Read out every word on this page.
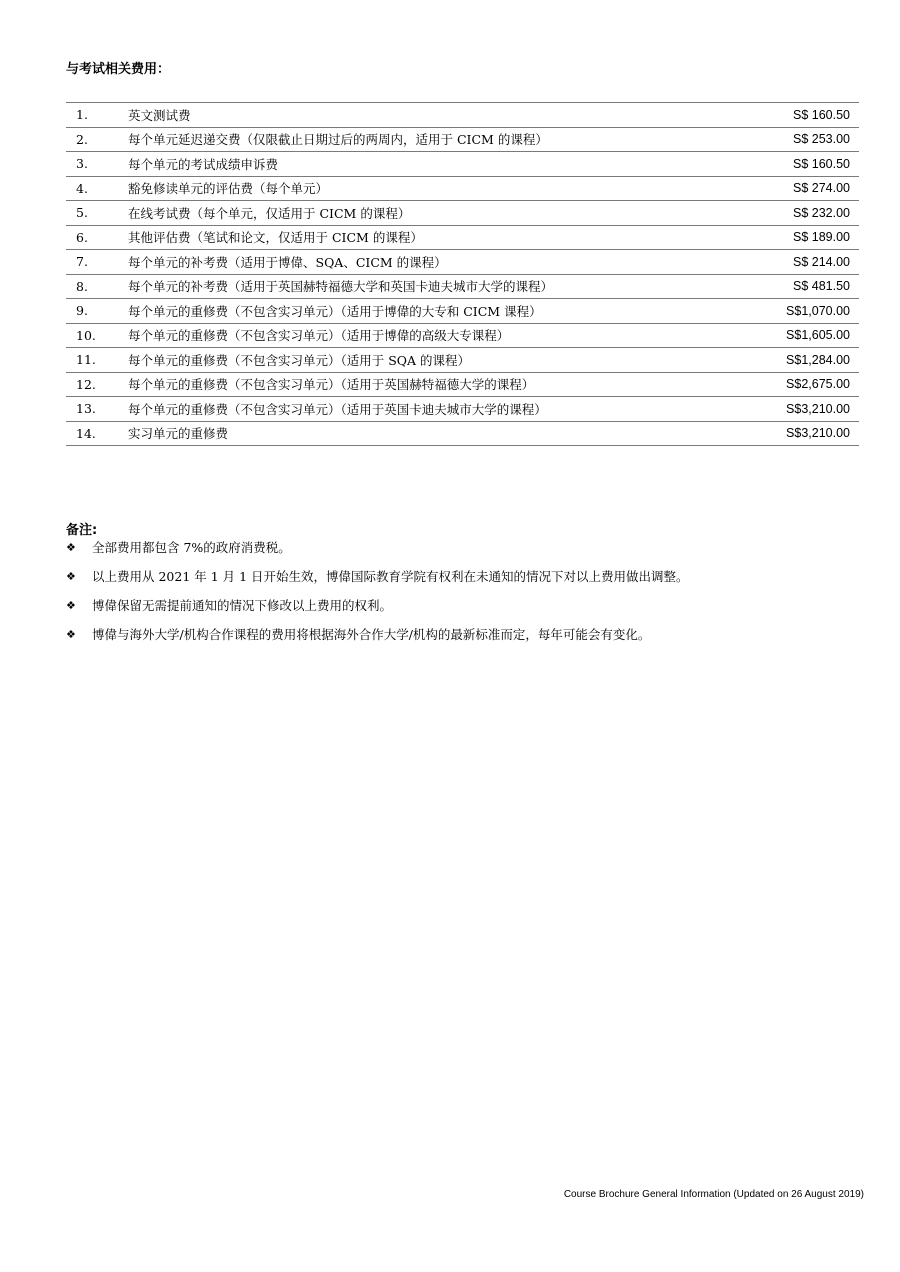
与考试相关费用：
1.	英文测试费	S$ 160.50
2.	每个单元延迟递交费（仅限截止日期过后的两周内，适用于 CICM 的课程）	S$ 253.00
3.	每个单元的考试成绩申诉费	S$ 160.50
4.	豁免修读单元的评估费（每个单元）	S$ 274.00
5.	在线考试费（每个单元，仅适用于 CICM 的课程）	S$ 232.00
6.	其他评估费（笔试和论文，仅适用于 CICM 的课程）	S$ 189.00
7.	每个单元的补考费（适用于博偉、SQA、CICM 的课程）	S$ 214.00
8.	每个单元的补考费（适用于英国赫特福德大学和英国卡迪夫城市大学的课程）	S$ 481.50
9.	每个单元的重修费（不包含实习单元）（适用于博偉的大专和 CICM 课程）	S$1,070.00
10.	每个单元的重修费（不包含实习单元）（适用于博偉的高级大专课程）	S$1,605.00
11.	每个单元的重修费（不包含实习单元）（适用于 SQA 的课程）	S$1,284.00
12.	每个单元的重修费（不包含实习单元）（适用于英国赫特福德大学的课程）	S$2,675.00
13.	每个单元的重修费（不包含实习单元）（适用于英国卡迪夫城市大学的课程）	S$3,210.00
14.	实习单元的重修费	S$3,210.00
备注:
❖	全部费用都包含 7%的政府消费税。
❖	以上费用从 2021 年 1 月 1 日开始生效，博偉国际教育学院有权利在未通知的情况下对以上费用做出调整。
❖	博偉保留无需提前通知的情况下修改以上费用的权利。
❖	博偉与海外大学/机构合作课程的费用将根据海外合作大学/机构的最新标准而定，每年可能会有变化。
Course Brochure General Information (Updated on 26 August 2019)
